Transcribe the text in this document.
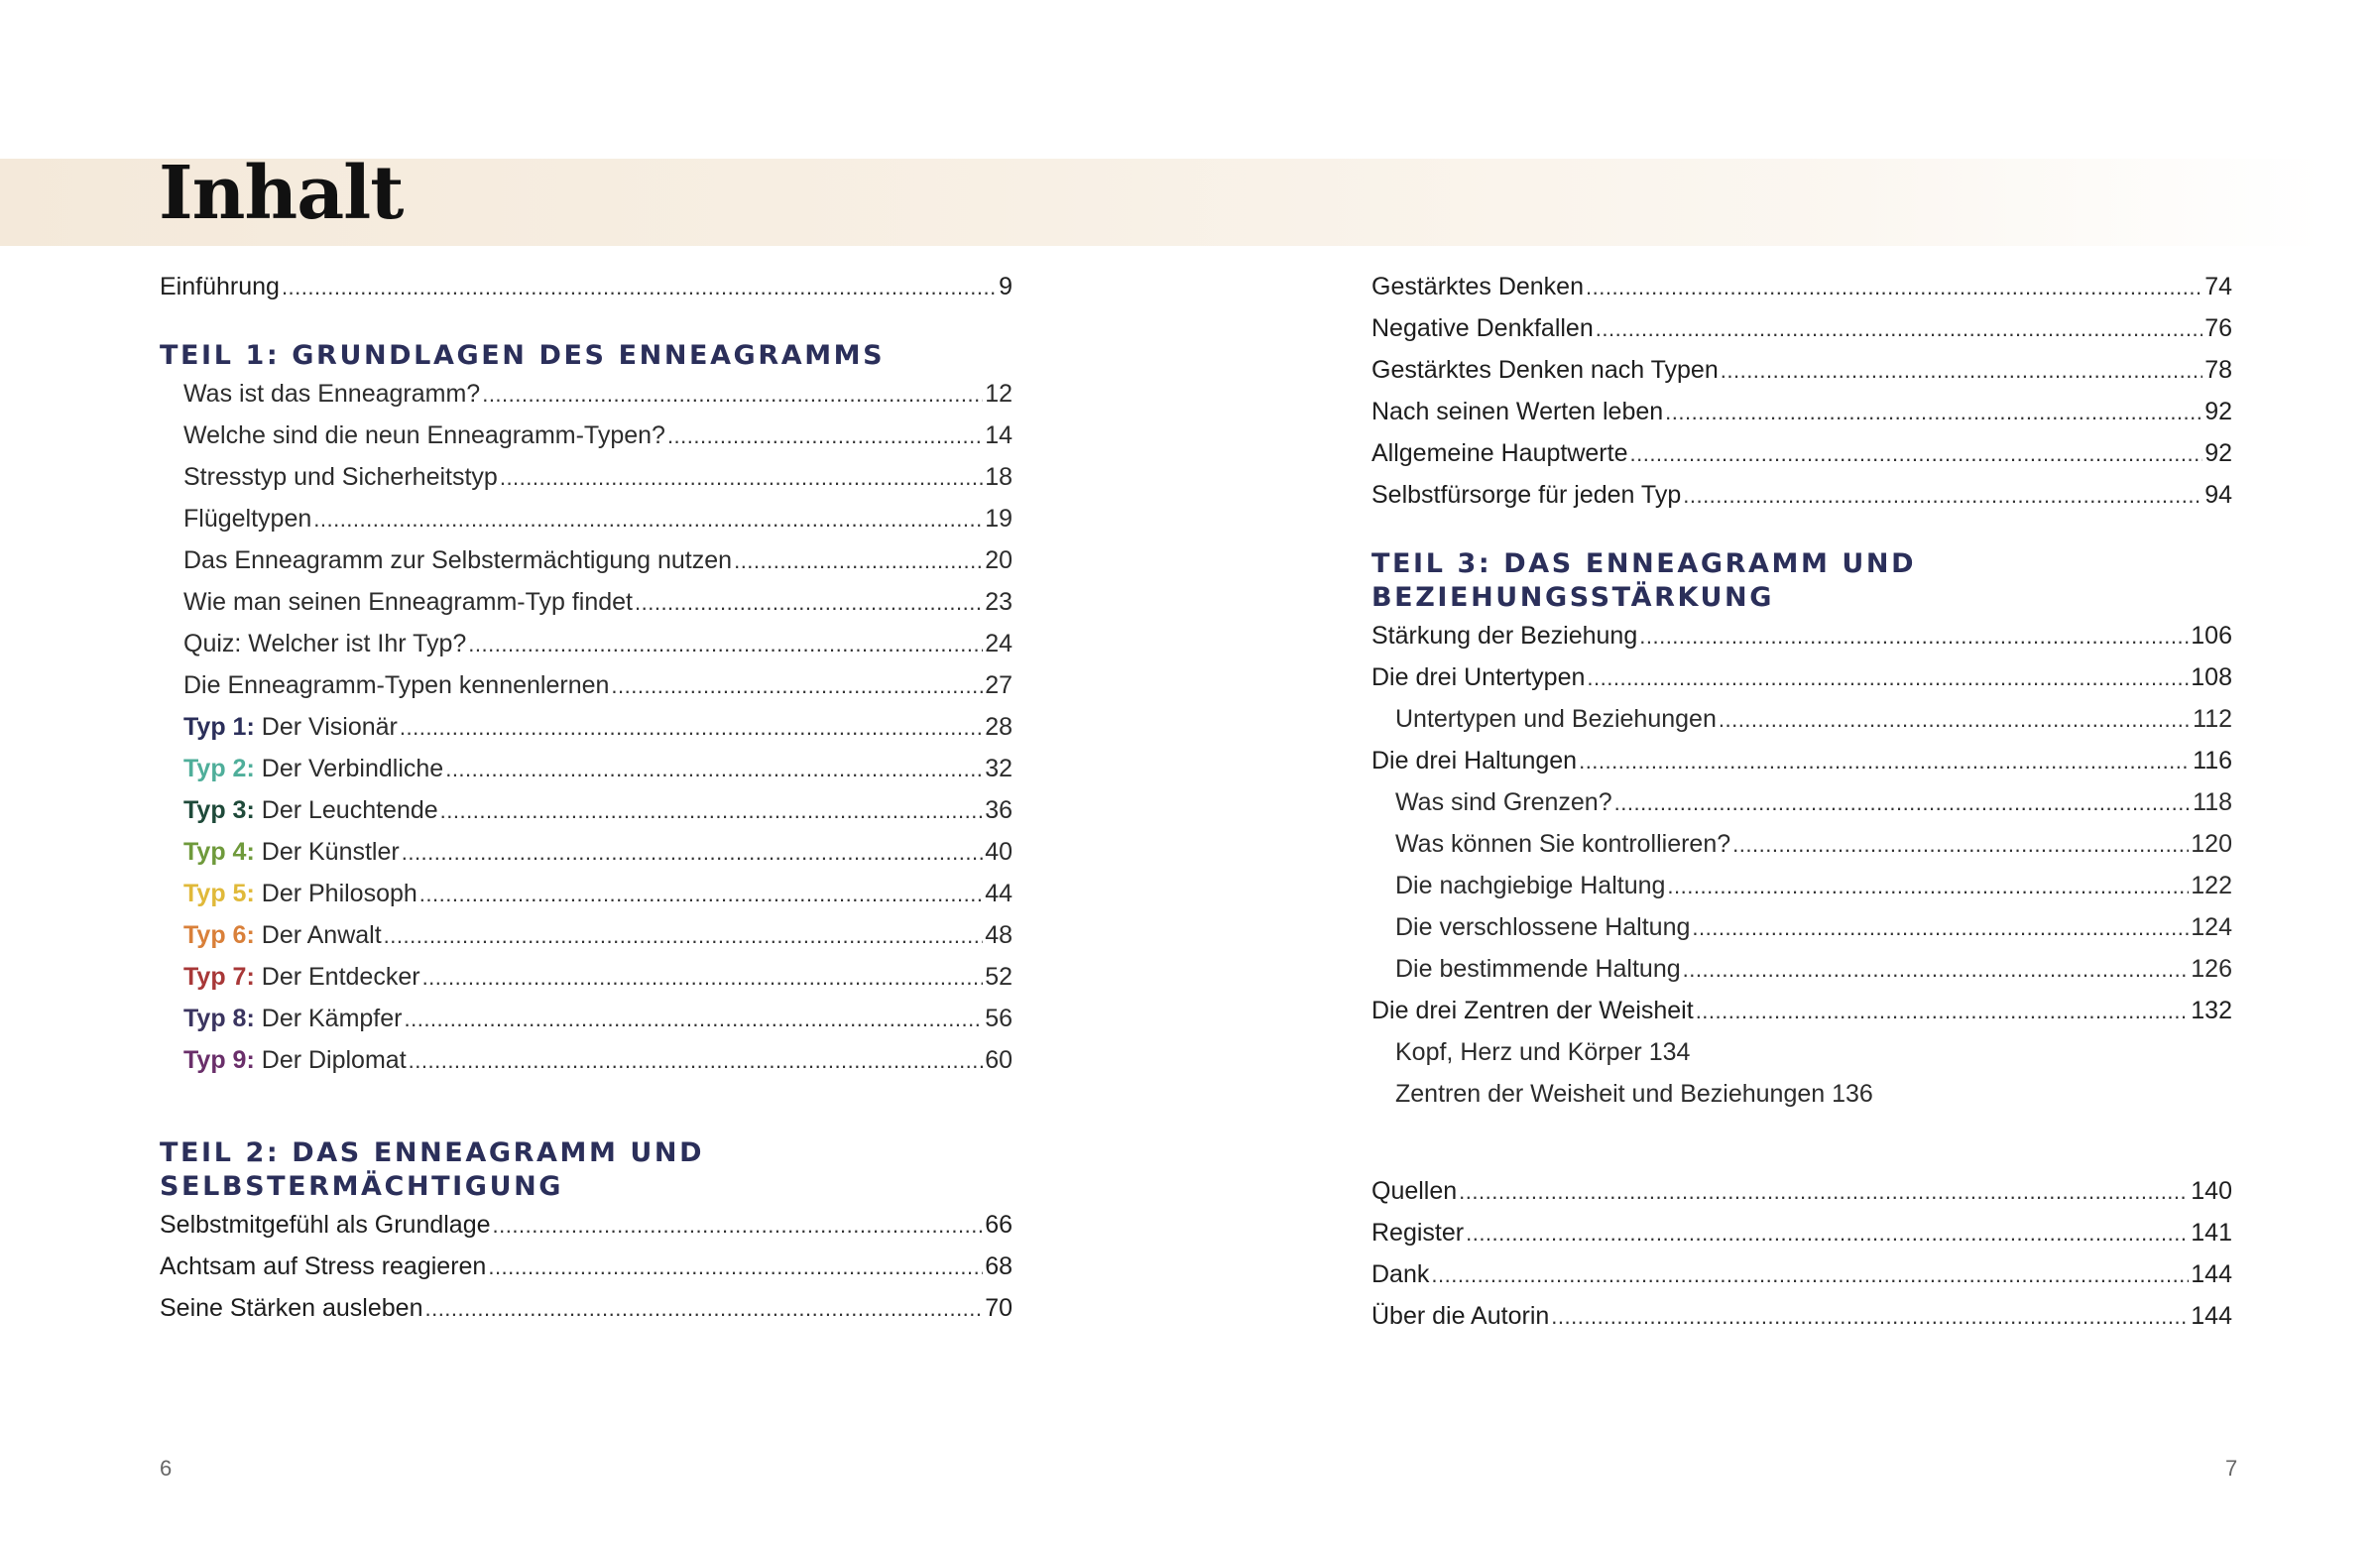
Inhalt
Einführung .....	9
TEIL 1: GRUNDLAGEN DES ENNEAGRAMMS
Was ist das Enneagramm? .....	12
Welche sind die neun Enneagramm-Typen? .....	14
Stresstyp und Sicherheitstyp .....	18
Flügeltypen .....	19
Das Enneagramm zur Selbstermächtigung nutzen .....	20
Wie man seinen Enneagramm-Typ findet .....	23
Quiz: Welcher ist Ihr Typ? .....	24
Die Enneagramm-Typen kennenlernen .....	27
Typ 1: Der Visionär .....	28
Typ 2: Der Verbindliche .....	32
Typ 3: Der Leuchtende .....	36
Typ 4: Der Künstler .....	40
Typ 5: Der Philosoph .....	44
Typ 6: Der Anwalt .....	48
Typ 7: Der Entdecker .....	52
Typ 8: Der Kämpfer .....	56
Typ 9: Der Diplomat .....	60
TEIL 2: DAS ENNEAGRAMM UND
SELBSTERMÄCHTIGUNG
Selbstmitgefühl als Grundlage .....	66
Achtsam auf Stress reagieren .....	68
Seine Stärken ausleben .....	70
Gestärktes Denken .....	74
Negative Denkfallen .....	76
Gestärktes Denken nach Typen .....	78
Nach seinen Werten leben .....	92
Allgemeine Hauptwerte .....	92
Selbstfürsorge für jeden Typ .....	94
TEIL 3: DAS ENNEAGRAMM UND
BEZIEHUNGSSTÄRKUNG
Stärkung der Beziehung .....	106
Die drei Untertypen .....	108
Untertypen und Beziehungen .....	112
Die drei Haltungen .....	116
Was sind Grenzen? .....	118
Was können Sie kontrollieren? .....	120
Die nachgiebige Haltung .....	122
Die verschlossene Haltung .....	124
Die bestimmende Haltung .....	126
Die drei Zentren der Weisheit .....	132
Kopf, Herz und Körper 134
Zentren der Weisheit und Beziehungen 136
Quellen .....	140
Register .....	141
Dank .....	144
Über die Autorin .....	144
6	7
